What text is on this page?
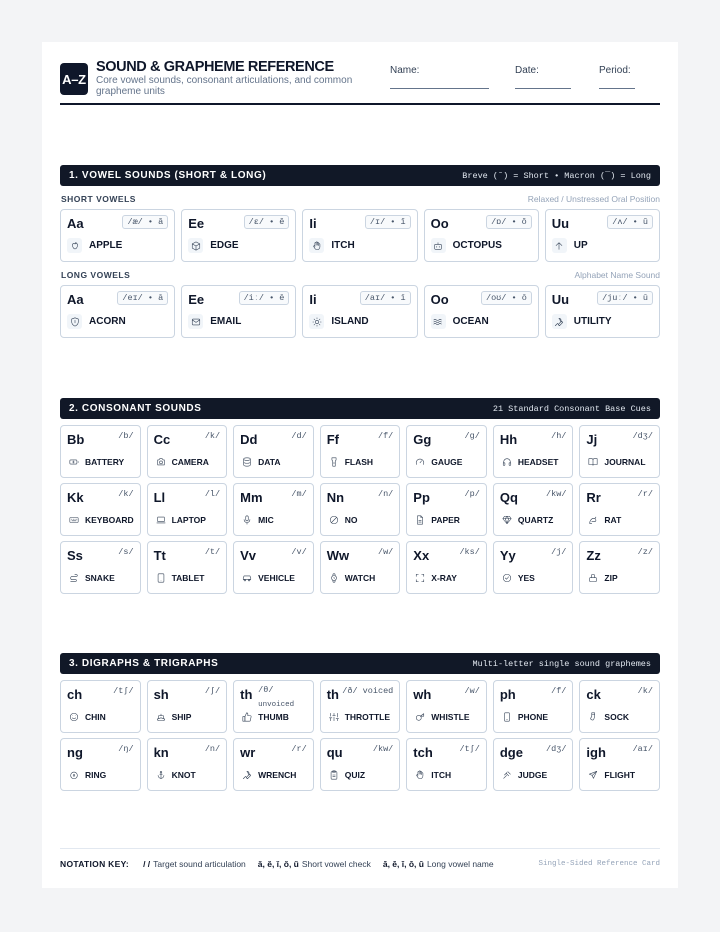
A–Z
SOUND & GRAPHEME REFERENCE
Core vowel sounds, consonant articulations, and common grapheme units
Name:	Date:	Period:
1. VOWEL SOUNDS (SHORT & LONG)	Breve (˘) = Short • Macron (¯) = Long
SHORT VOWELS	Relaxed / Unstressed Oral Position
Aa	/æ/ • ă
APPLE
Ee	/ɛ/ • ĕ
EDGE
Ii	/ɪ/ • ĭ
ITCH
Oo	/ɒ/ • ŏ
OCTOPUS
Uu	/ʌ/ • ŭ
UP
LONG VOWELS	Alphabet Name Sound
Aa	/eɪ/ • ā
ACORN
Ee	/iː/ • ē
EMAIL
Ii	/aɪ/ • ī
ISLAND
Oo	/oʊ/ • ō
OCEAN
Uu	/juː/ • ū
UTILITY
2. CONSONANT SOUNDS	21 Standard Consonant Base Cues
Bb	/b/
BATTERY
Cc	/k/
CAMERA
Dd	/d/
DATA
Ff	/f/
FLASH
Gg	/g/
GAUGE
Hh	/h/
HEADSET
Jj	/dʒ/
JOURNAL
Kk	/k/
KEYBOARD
Ll	/l/
LAPTOP
Mm	/m/
MIC
Nn	/n/
NO
Pp	/p/
PAPER
Qq	/kw/
QUARTZ
Rr	/r/
RAT
Ss	/s/
SNAKE
Tt	/t/
TABLET
Vv	/v/
VEHICLE
Ww	/w/
WATCH
Xx	/ks/
X-RAY
Yy	/j/
YES
Zz	/z/
ZIP
3. DIGRAPHS & TRIGRAPHS	Multi-letter single sound graphemes
ch	/tʃ/
CHIN
sh	/ʃ/
SHIP
th /θ/
unvoiced
THUMB
th /ð/ voiced
THROTTLE
wh	/w/
WHISTLE
ph	/f/
PHONE
ck	/k/
SOCK
ng	/ŋ/
RING
kn	/n/
KNOT
wr	/r/
WRENCH
qu	/kw/
QUIZ
tch	/tʃ/
ITCH
dge	/dʒ/
JUDGE
igh	/aɪ/
FLIGHT
NOTATION KEY: / / Target sound articulation ă, ĕ, ĭ, ŏ, ŭ Short vowel check ā, ē, ī, ō, ū Long vowel name	Single-Sided Reference Card
